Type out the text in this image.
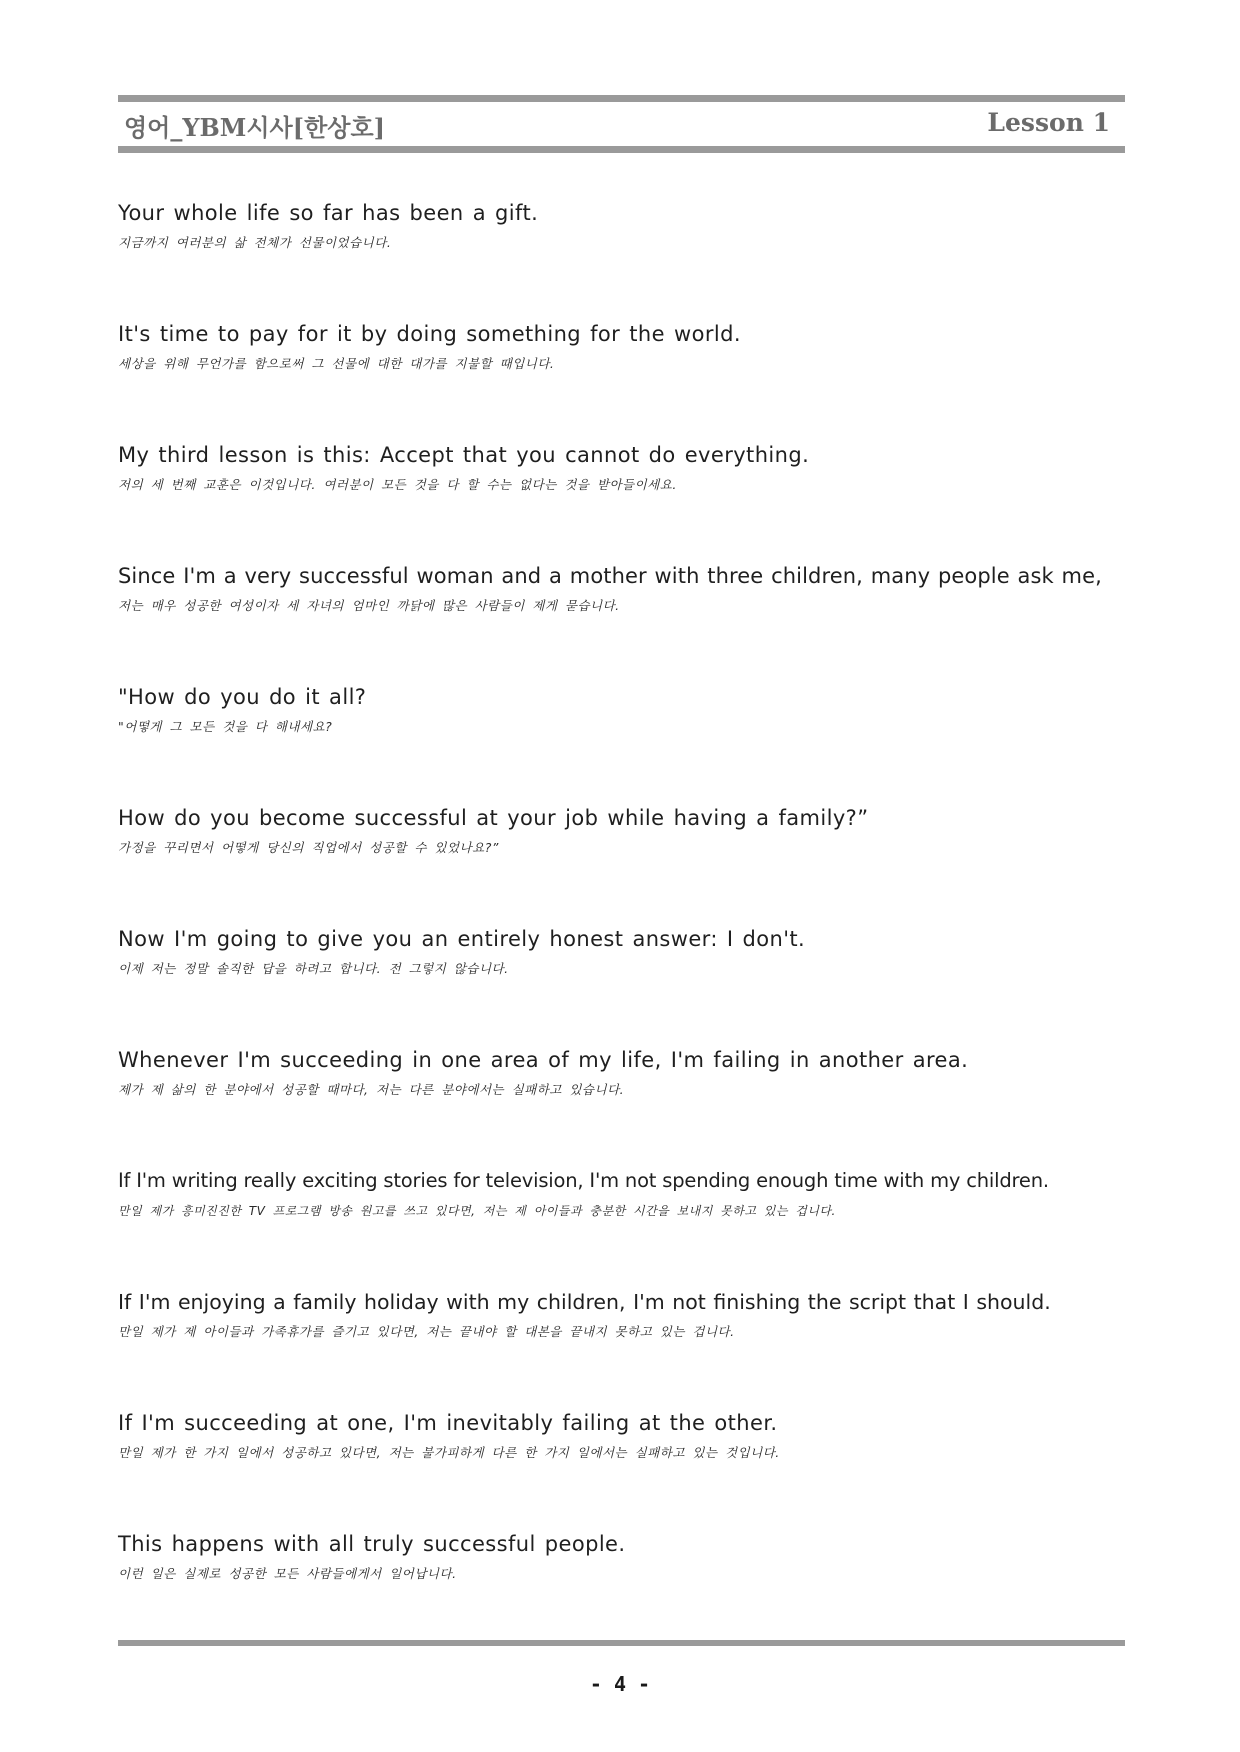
영어_YBM시사[한상호]	Lesson 1
Your whole life so far has been a gift.
지금까지 여러분의 삶 전체가 선물이었습니다.
It's time to pay for it by doing something for the world.
세상을 위해 무언가를 함으로써 그 선물에 대한 대가를 지불할 때입니다.
My third lesson is this: Accept that you cannot do everything.
저의 세 번째 교훈은 이것입니다. 여러분이 모든 것을 다 할 수는 없다는 것을 받아들이세요.
Since I'm a very successful woman and a mother with three children, many people ask me,
저는 매우 성공한 여성이자 세 자녀의 엄마인 까닭에 많은 사람들이 제게 묻습니다.
"How do you do it all?
"어떻게 그 모든 것을 다 해내세요?
How do you become successful at your job while having a family?”
가정을 꾸리면서 어떻게 당신의 직업에서 성공할 수 있었나요?”
Now I'm going to give you an entirely honest answer: I don't.
이제 저는 정말 솔직한 답을 하려고 합니다. 전 그렇지 않습니다.
Whenever I'm succeeding in one area of my life, I'm failing in another area.
제가 제 삶의 한 분야에서 성공할 때마다, 저는 다른 분야에서는 실패하고 있습니다.
If I'm writing really exciting stories for television, I'm not spending enough time with my children.
만일 제가 흥미진진한 TV 프로그램 방송 원고를 쓰고 있다면, 저는 제 아이들과 충분한 시간을 보내지 못하고 있는 겁니다.
If I'm enjoying a family holiday with my children, I'm not finishing the script that I should.
만일 제가 제 아이들과 가족휴가를 즐기고 있다면, 저는 끝내야 할 대본을 끝내지 못하고 있는 겁니다.
If I'm succeeding at one, I'm inevitably failing at the other.
만일 제가 한 가지 일에서 성공하고 있다면, 저는 불가피하게 다른 한 가지 일에서는 실패하고 있는 것입니다.
This happens with all truly successful people.
이런 일은 실제로 성공한 모든 사람들에게서 일어납니다.
- 4 -
